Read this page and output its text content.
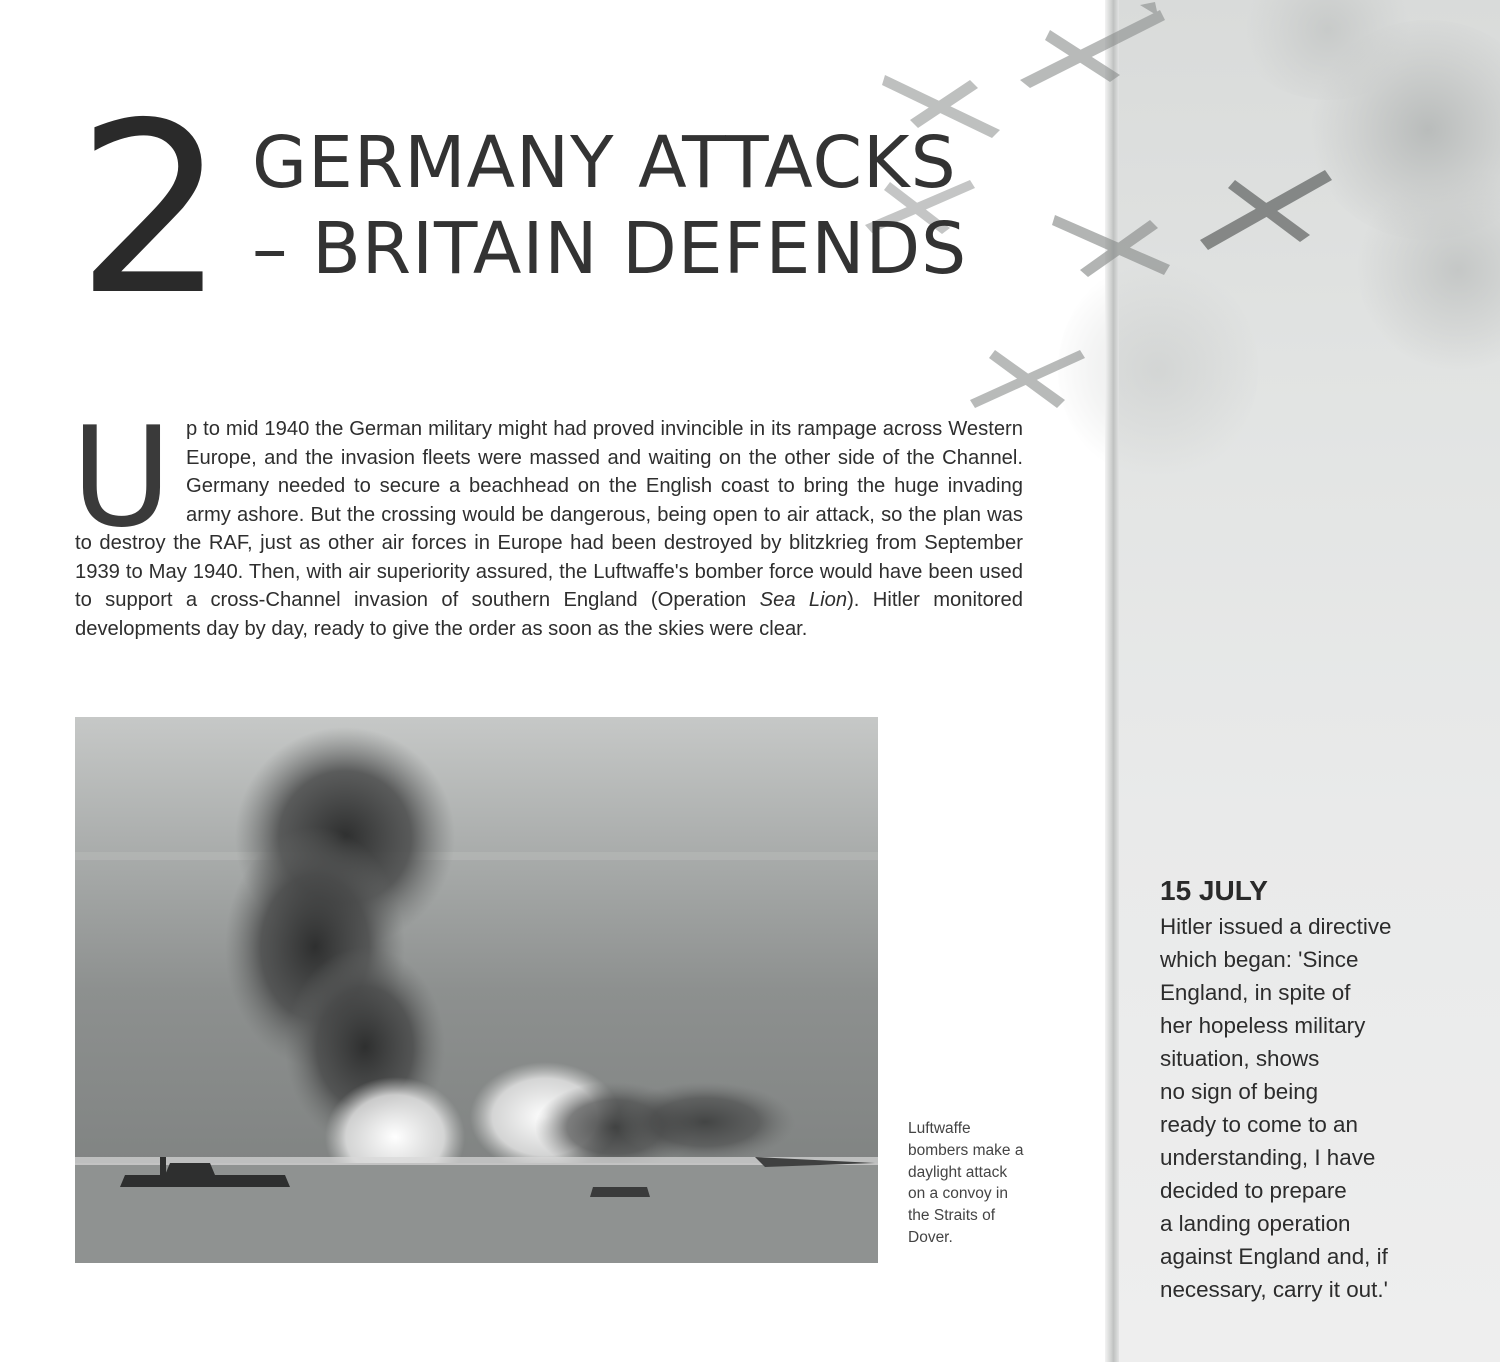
2 GERMANY ATTACKS
– BRITAIN DEFENDS
Up to mid 1940 the German military might had proved invincible in its rampage across Western Europe, and the invasion fleets were massed and waiting on the other side of the Channel. Germany needed to secure a beachhead on the English coast to bring the huge invading army ashore. But the crossing would be dangerous, being open to air attack, so the plan was to destroy the RAF, just as other air forces in Europe had been destroyed by blitzkrieg from September 1939 to May 1940. Then, with air superiority assured, the Luftwaffe's bomber force would have been used to support a cross-Channel invasion of southern England (Operation Sea Lion). Hitler monitored developments day by day, ready to give the order as soon as the skies were clear.
Luftwaffe bombers make a daylight attack on a convoy in the Straits of Dover.
15 JULY
Hitler issued a directive
which began: 'Since
England, in spite of
her hopeless military
situation, shows
no sign of being
ready to come to an
understanding, I have
decided to prepare
a landing operation
against England and, if
necessary, carry it out.'
